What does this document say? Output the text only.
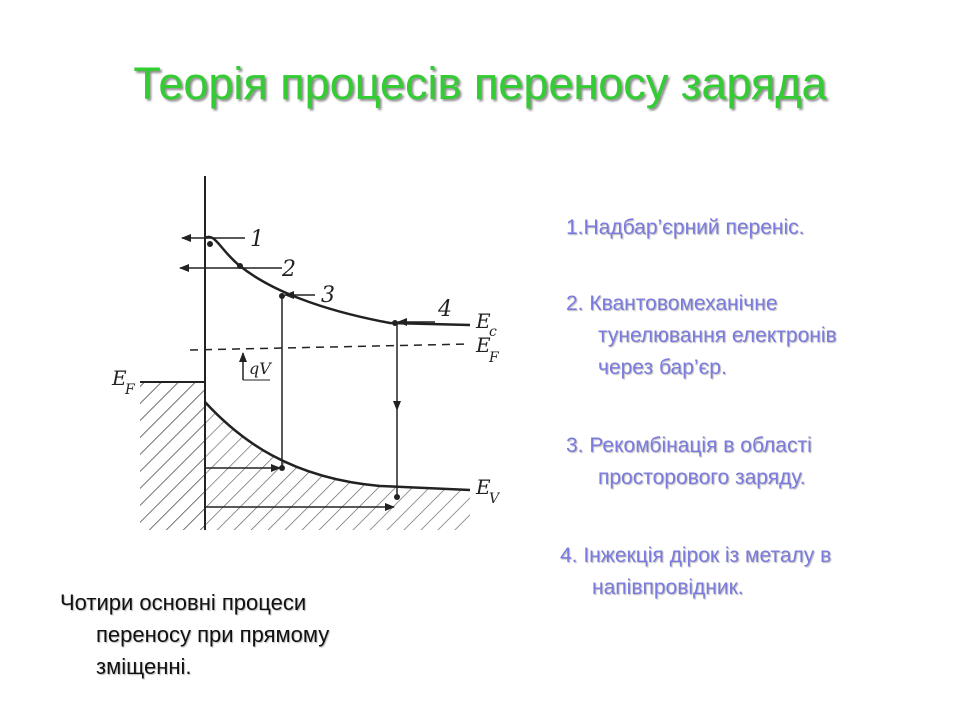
Теорія процесів переносу заряда
1
2
3
4 E
c
E
F
E
F
E
V
qV
1.Надбар’єрний переніс.
2. Квантовомеханічне
тунелювання електронів
через бар’єр.
3. Рекомбінація в області
просторового заряду.
4. Інжекція дірок із металу в
напівпровідник.
Чотири основні процеси
переносу при прямому
зміщенні.
